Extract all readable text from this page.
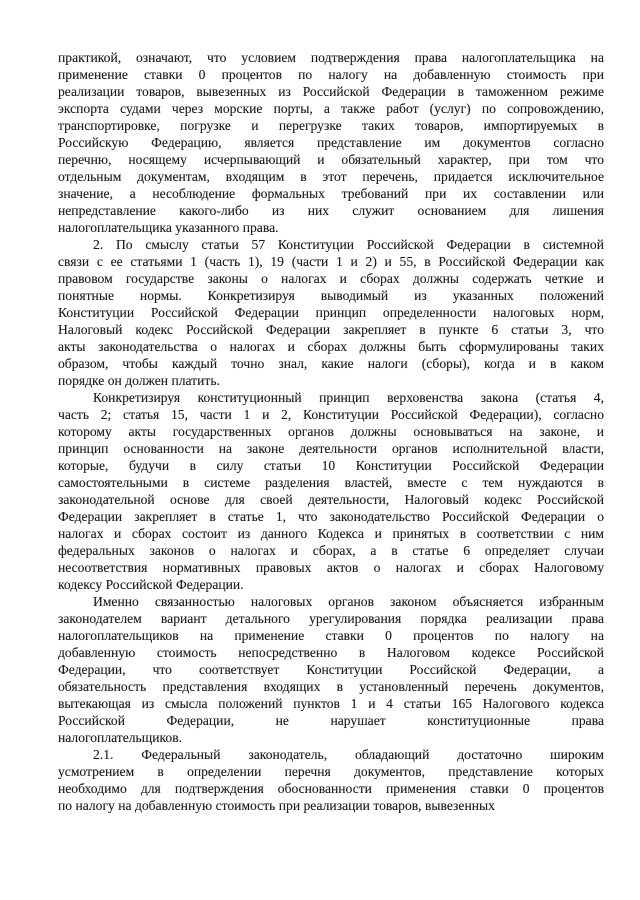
практикой, означают, что условием подтверждения права налогоплательщика на
применение ставки 0 процентов по налогу на добавленную стоимость при
реализации товаров, вывезенных из Российской Федерации в таможенном режиме
экспорта судами через морские порты, а также работ (услуг) по сопровождению,
транспортировке, погрузке и перегрузке таких товаров, импортируемых в
Российскую Федерацию, является представление им документов согласно
перечню, носящему исчерпывающий и обязательный характер, при том что
отдельным документам, входящим в этот перечень, придается исключительное
значение, а несоблюдение формальных требований при их составлении или
непредставление какого-либо из них служит основанием для лишения
налогоплательщика указанного права.
2. По смыслу статьи 57 Конституции Российской Федерации в системной
связи с ее статьями 1 (часть 1), 19 (части 1 и 2) и 55, в Российской Федерации как
правовом государстве законы о налогах и сборах должны содержать четкие и
понятные нормы. Конкретизируя выводимый из указанных положений
Конституции Российской Федерации принцип определенности налоговых норм,
Налоговый кодекс Российской Федерации закрепляет в пункте 6 статьи 3, что
акты законодательства о налогах и сборах должны быть сформулированы таких
образом, чтобы каждый точно знал, какие налоги (сборы), когда и в каком
порядке он должен платить.
Конкретизируя конституционный принцип верховенства закона (статья 4,
часть 2; статья 15, части 1 и 2, Конституции Российской Федерации), согласно
которому акты государственных органов должны основываться на законе, и
принцип основанности на законе деятельности органов исполнительной власти,
которые, будучи в силу статьи 10 Конституции Российской Федерации
самостоятельными в системе разделения властей, вместе с тем нуждаются в
законодательной основе для своей деятельности, Налоговый кодекс Российской
Федерации закрепляет в статье 1, что законодательство Российской Федерации о
налогах и сборах состоит из данного Кодекса и принятых в соответствии с ним
федеральных законов о налогах и сборах, а в статье 6 определяет случаи
несоответствия нормативных правовых актов о налогах и сборах Налоговому
кодексу Российской Федерации.
Именно связанностью налоговых органов законом объясняется избранным
законодателем вариант детального урегулирования порядка реализации права
налогоплательщиков на применение ставки 0 процентов по налогу на
добавленную стоимость непосредственно в Налоговом кодексе Российской
Федерации, что соответствует Конституции Российской Федерации, а
обязательность представления входящих в установленный перечень документов,
вытекающая из смысла положений пунктов 1 и 4 статьи 165 Налогового кодекса
Российской Федерации, не нарушает конституционные права
налогоплательщиков.
2.1. Федеральный законодатель, обладающий достаточно широким
усмотрением в определении перечня документов, представление которых
необходимо для подтверждения обоснованности применения ставки 0 процентов
по налогу на добавленную стоимость при реализации товаров, вывезенных
